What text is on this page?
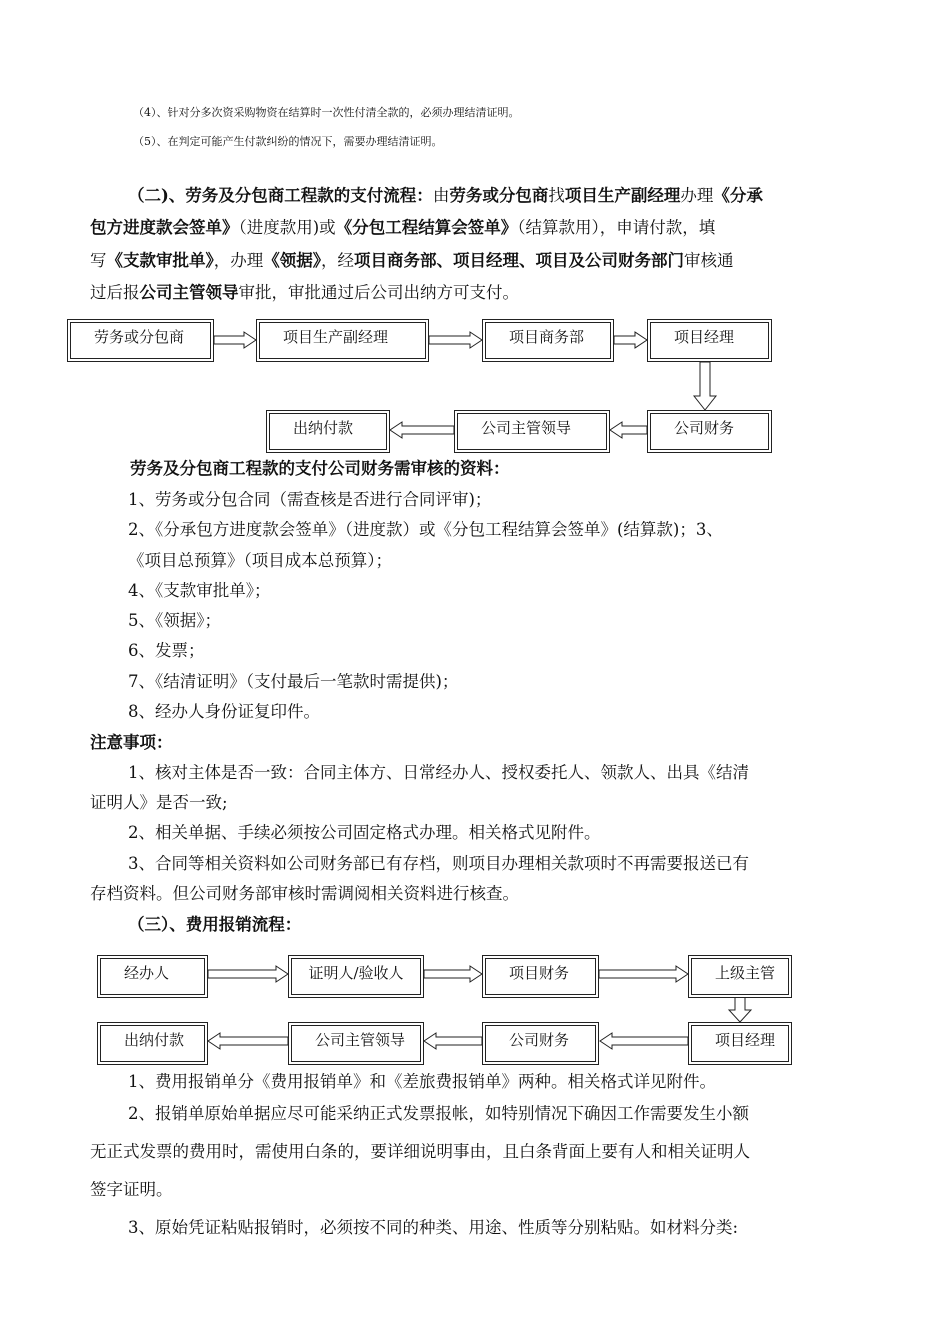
（4）、针对分多次资采购物资在结算时一次性付清全款的，必须办理结清证明。
（5）、在判定可能产生付款纠纷的情况下，需要办理结清证明。
（二)、劳务及分包商工程款的支付流程：由劳务或分包商找项目生产副经理办理《分承
包方进度款会签单》（进度款用)或《分包工程结算会签单》（结算款用），申请付款，填
写《支款审批单》，办理《领据》，经项目商务部、项目经理、项目及公司财务部门审核通
过后报公司主管领导审批，审批通过后公司出纳方可支付。
劳务或分包商	项目生产副经理	项目商务部	项目经理
出纳付款	公司主管领导	公司财务
劳务及分包商工程款的支付公司财务需审核的资料：
1、劳务或分包合同（需查核是否进行合同评审)；
2、《分承包方进度款会签单》（进度款）或《分包工程结算会签单》(结算款)；3、
《项目总预算》（项目成本总预算）；
4、《支款审批单》；
5、《领据》；
6、发票；
7、《结清证明》（支付最后一笔款时需提供)；
8、经办人身份证复印件。
注意事项：
1、核对主体是否一致：合同主体方、日常经办人、授权委托人、领款人、出具《结清
证明人》是否一致;
2、相关单据、手续必须按公司固定格式办理。相关格式见附件。
3、合同等相关资料如公司财务部已有存档，则项目办理相关款项时不再需要报送已有
存档资料。但公司财务部审核时需调阅相关资料进行核查。
（三）、费用报销流程：
经办人	证明人/验收人	项目财务	上级主管
出纳付款	公司主管领导	公司财务	项目经理
1、费用报销单分《费用报销单》和《差旅费报销单》两种。相关格式详见附件。
2、报销单原始单据应尽可能采纳正式发票报帐，如特别情况下确因工作需要发生小额
无正式发票的费用时，需使用白条的，要详细说明事由，且白条背面上要有人和相关证明人
签字证明。
3、原始凭证粘贴报销时，必须按不同的种类、用途、性质等分别粘贴。如材料分类:
